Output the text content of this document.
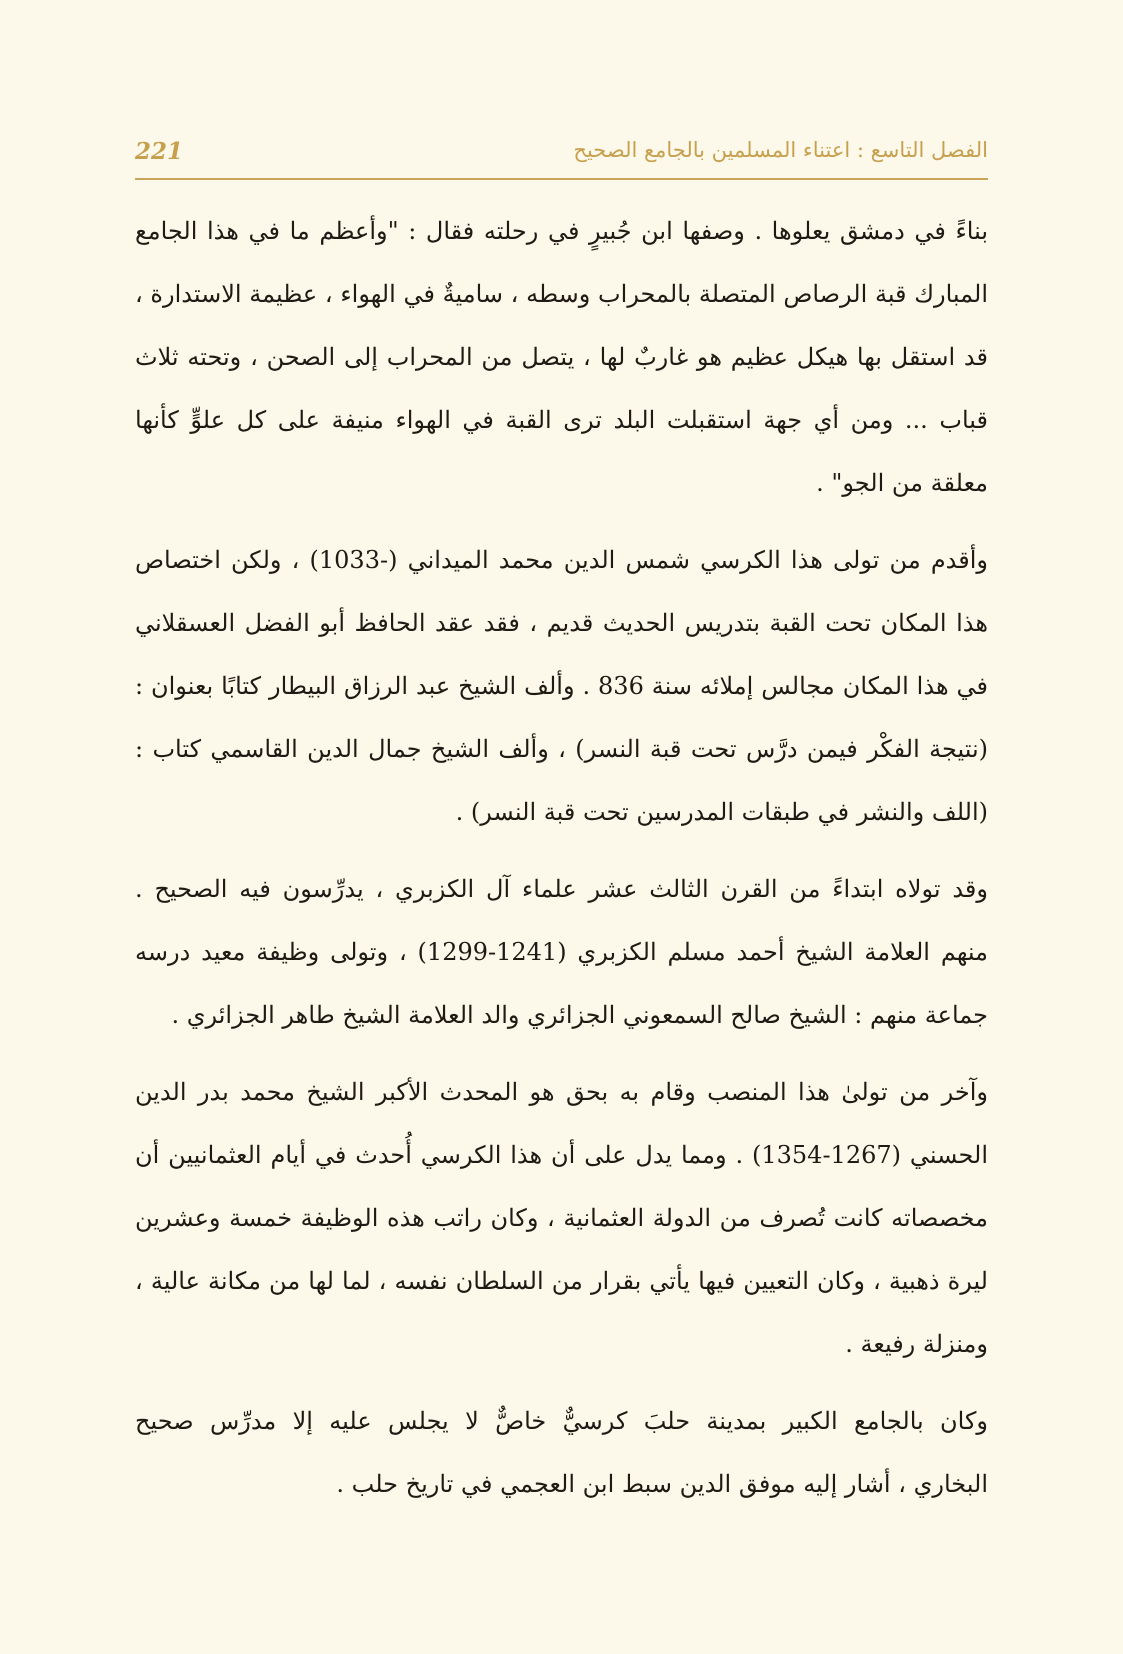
الفصل التاسع : اعتناء المسلمين بالجامع الصحيح
221
بناءً في دمشق يعلوها . وصفها ابن جُبيرٍ في رحلته فقال : "وأعظم ما في هذا الجامع
المبارك قبة الرصاص المتصلة بالمحراب وسطه ، ساميةٌ في الهواء ، عظيمة الاستدارة ،
قد استقل بها هيكل عظيم هو غاربٌ لها ، يتصل من المحراب إلى الصحن ، وتحته ثلاث
قباب ... ومن أي جهة استقبلت البلد ترى القبة في الهواء منيفة على كل علوٍّ كأنها
معلقة من الجو" .
وأقدم من تولى هذا الكرسي شمس الدين محمد الميداني (-1033) ، ولكن اختصاص
هذا المكان تحت القبة بتدريس الحديث قديم ، فقد عقد الحافظ أبو الفضل العسقلاني
في هذا المكان مجالس إملائه سنة 836 . وألف الشيخ عبد الرزاق البيطار كتابًا بعنوان :
(نتيجة الفكْر فيمن درَّس تحت قبة النسر) ، وألف الشيخ جمال الدين القاسمي كتاب :
(اللف والنشر في طبقات المدرسين تحت قبة النسر) .
وقد تولاه ابتداءً من القرن الثالث عشر علماء آل الكزبري ، يدرِّسون فيه الصحيح .
منهم العلامة الشيخ أحمد مسلم الكزبري (1241-1299) ، وتولى وظيفة معيد درسه
جماعة منهم : الشيخ صالح السمعوني الجزائري والد العلامة الشيخ طاهر الجزائري .
وآخر من تولىٰ هذا المنصب وقام به بحق هو المحدث الأكبر الشيخ محمد بدر الدين
الحسني (1267-1354) . ومما يدل على أن هذا الكرسي أُحدث في أيام العثمانيين أن
مخصصاته كانت تُصرف من الدولة العثمانية ، وكان راتب هذه الوظيفة خمسة وعشرين
ليرة ذهبية ، وكان التعيين فيها يأتي بقرار من السلطان نفسه ، لما لها من مكانة عالية ،
ومنزلة رفيعة .
وكان بالجامع الكبير بمدينة حلبَ كرسيٌّ خاصٌّ لا يجلس عليه إلا مدرِّس صحيح
البخاري ، أشار إليه موفق الدين سبط ابن العجمي في تاريخ حلب .
